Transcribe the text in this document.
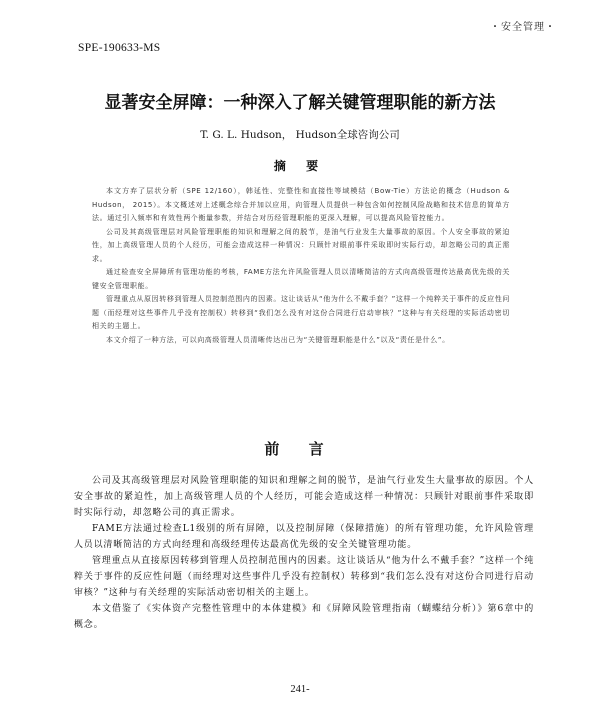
・安全管理・
SPE-190633-MS
显著安全屏障：一种深入了解关键管理职能的新方法
T. G. L. Hudson， Hudson全球咨询公司
摘 要

本文方弃了层状分析（SPE 12/160），韩延性、完整性和直接性等域模结（Bow-Tie）方法论的概念（Hudson & Hudson， 2015）。本文概述对上述概念综合并加以应用，向管理人员提供一种包含如何控制风险战略和技术信息的简单方法。通过引入频率和有效性两个衡量参数，并结合对历经管理职能的更深入理解，可以提高风险管控能力。

公司及其高级管理层对风险管理职能的知识和理解之间的脱节，是油气行业发生大量事故的原因。个人安全事故的紧迫性，加上高级管理人员的个人经历，可能会造成这样一种情况：只顾针对眼前事件采取即时实际行动，却忽略公司的真正需求。

通过检查安全屏障所有管理功能的考核，FAME方法允许风险管理人员以清晰简洁的方式向高级管理传达最高优先级的关键安全管理职能。

管理重点从原因转移到管理人员控制范围内的因素。这让谈话从“他为什么不戴手套？”这样一个纯粹关于事件的反应性问题（而经理对这些事件几乎没有控制权）转移到“我们怎么没有对这份合同进行启动审核？”这种与有关经理的实际活动密切相关的主题上。

本文介绍了一种方法，可以向高级管理人员清晰传达出已为“关键管理职能是什么”以及“责任是什么”。

前 言

公司及其高级管理层对风险管理职能的知识和理解之间的脱节，是油气行业发生大量事故的原因。个人安全事故的紧迫性，加上高级管理人员的个人经历，可能会造成这样一种情况：只顾针对眼前事件采取即时实际行动，却忽略公司的真正需求。

FAME方法通过检查L1级别的所有屏障，以及控制屏障（保障措施）的所有管理功能，允许风险管理人员以清晰简洁的方式向经理和高级经理传达最高优先级的安全关键管理功能。

管理重点从直接原因转移到管理人员控制范围内的因素。这让谈话从“他为什么不戴手套？”这样一个纯粹关于事件的反应性问题（而经理对这些事件几乎没有控制权）转移到“我们怎么没有对这份合同进行启动审核？”这种与有关经理的实际活动密切相关的主题上。

本文借鉴了《实体资产完整性管理中的本体建模》和《屏障风险管理指南（蝴蝶结分析）》第6章中的概念。

241-
